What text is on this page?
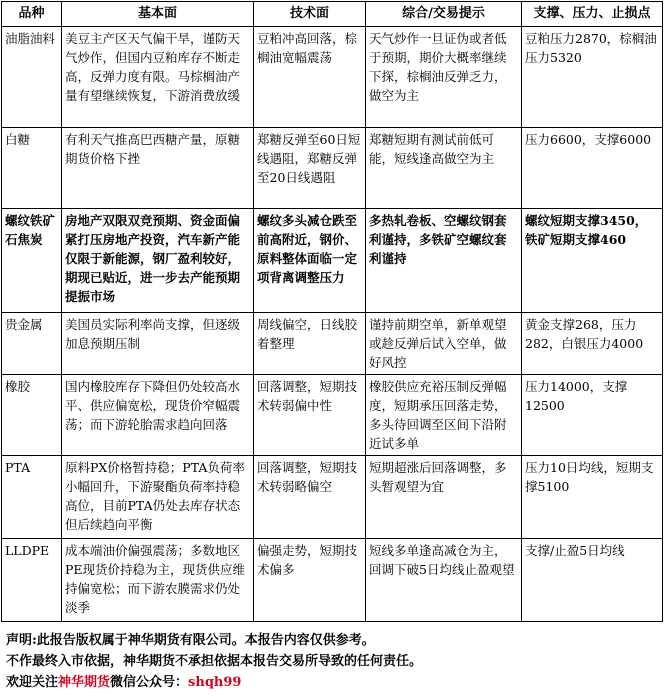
品种	基本面	技术面	综合/交易提示	支撑、压力、止损点
油脂油料	美豆主产区天气偏干旱，谨防天气炒作，但国内豆粕库存不断走高，反弹力度有限。马棕榈油产量有望继续恢复，下游消费放缓	豆粕冲高回落，棕榈油宽幅震荡	天气炒作一旦证伪或者低于预期，期价大概率继续下探，棕榈油反弹乏力，做空为主	豆粕压力2870，棕榈油压力5320
白糖	有利天气推高巴西糖产量，原糖期货价格下挫	郑糖反弹至60日短线遇阻，郑糖反弹至20日线遇阻	郑糖短期有测试前低可能，短线逢高做空为主	压力6600，支撑6000
螺纹铁矿石焦炭	房地产双限双竞预期、资金面偏紧打压房地产投资，汽车新产能仅限于新能源，钢厂盈利较好，期现已贴近，进一步去产能预期提振市场	螺纹多头减仓跌至前高附近，钢价、原料整体面临一定项背离调整压力	多热轧卷板、空螺纹钢套利谨持，多铁矿空螺纹套利谨持	螺纹短期支撑3450，铁矿短期支撑460
贵金属	美国员实际利率尚支撑，但逐级加息预期压制	周线偏空，日线胶着整理	谨持前期空单，新单观望或趁反弹后试入空单，做好风控	黄金支撑268，压力282，白银压力4000
橡胶	国内橡胶库存下降但仍处较高水平、供应偏宽松，现货价窄幅震荡；而下游轮胎需求趋向回落	回落调整，短期技术转弱偏中性	橡胶供应充裕压制反弹幅度，短期承压回落走势，多头待回调至区间下沿附近试多单	压力14000，支撑12500
PTA	原料PX价格暂持稳；PTA负荷率小幅回升，下游聚酯负荷率持稳高位，目前PTA仍处去库存状态但后续趋向平衡	回落调整，短期技术转弱略偏空	短期超涨后回落调整，多头暂观望为宜	压力10日均线，短期支撑5100
LLDPE	成本端油价偏强震荡；多数地区PE现货价持稳为主，现货供应维持偏宽松；而下游农膜需求仍处淡季	偏强走势，短期技术偏多	短线多单逢高减仓为主，回调下破5日均线止盈观望	支撑/止盈5日均线
声明:此报告版权属于神华期货有限公司。本报告内容仅供参考。
不作最终入市依据，神华期货不承担依据本报告交易所导致的任何责任。
欢迎关注神华期货微信公众号：shqh99
